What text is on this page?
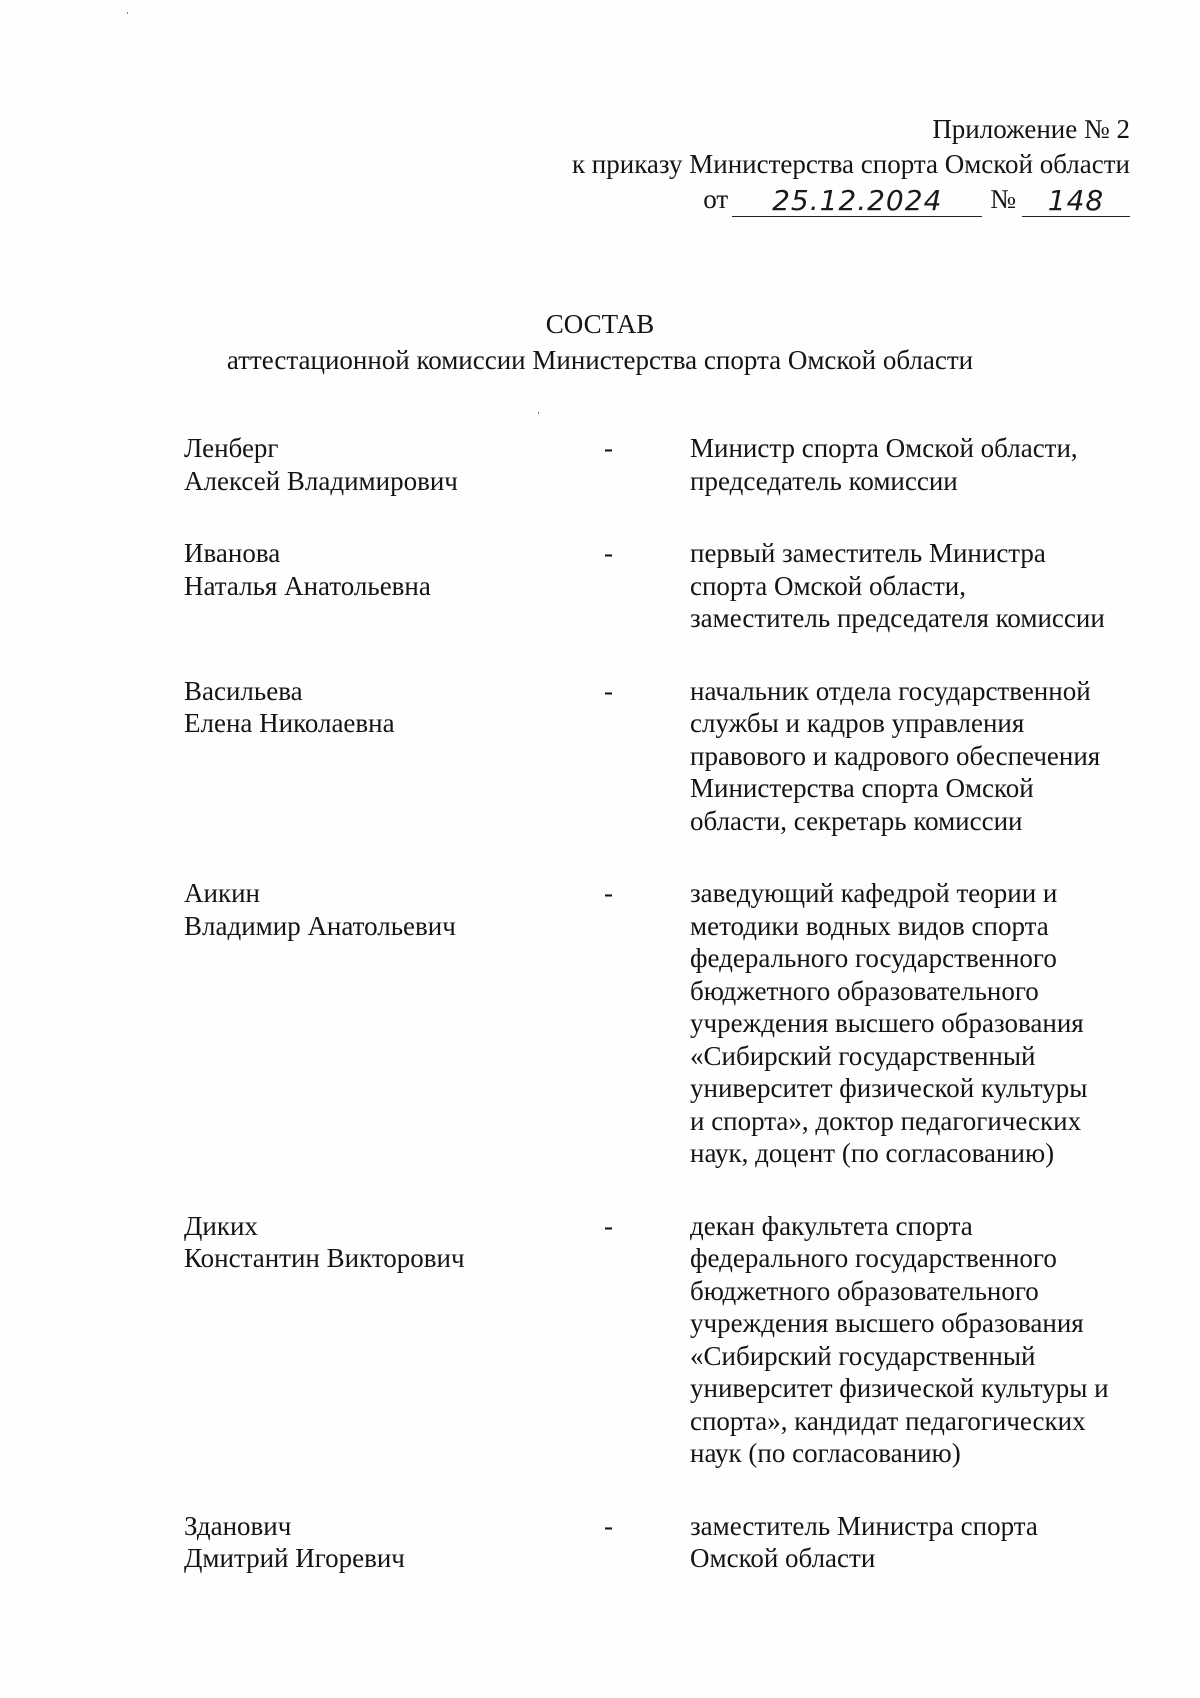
Приложение № 2
к приказу Министерства спорта Омской области
от	25.12.2024	№	148
СОСТАВ
аттестационной комиссии Министерства спорта Омской области
Ленберг
Алексей Владимирович
-	Министр спорта Омской области,
председатель комиссии
Иванова
Наталья Анатольевна
-	первый заместитель Министра
спорта Омской области,
заместитель председателя комиссии
Васильева
Елена Николаевна
-	начальник отдела государственной
службы и кадров управления
правового и кадрового обеспечения
Министерства спорта Омской
области, секретарь комиссии
Аикин
Владимир Анатольевич
-	заведующий кафедрой теории и
методики водных видов спорта
федерального государственного
бюджетного образовательного
учреждения высшего образования
«Сибирский государственный
университет физической культуры
и спорта», доктор педагогических
наук, доцент (по согласованию)
Диких
Константин Викторович
-	декан факультета спорта
федерального государственного
бюджетного образовательного
учреждения высшего образования
«Сибирский государственный
университет физической культуры и
спорта», кандидат педагогических
наук (по согласованию)
Зданович
Дмитрий Игоревич
-	заместитель Министра спорта
Омской области
